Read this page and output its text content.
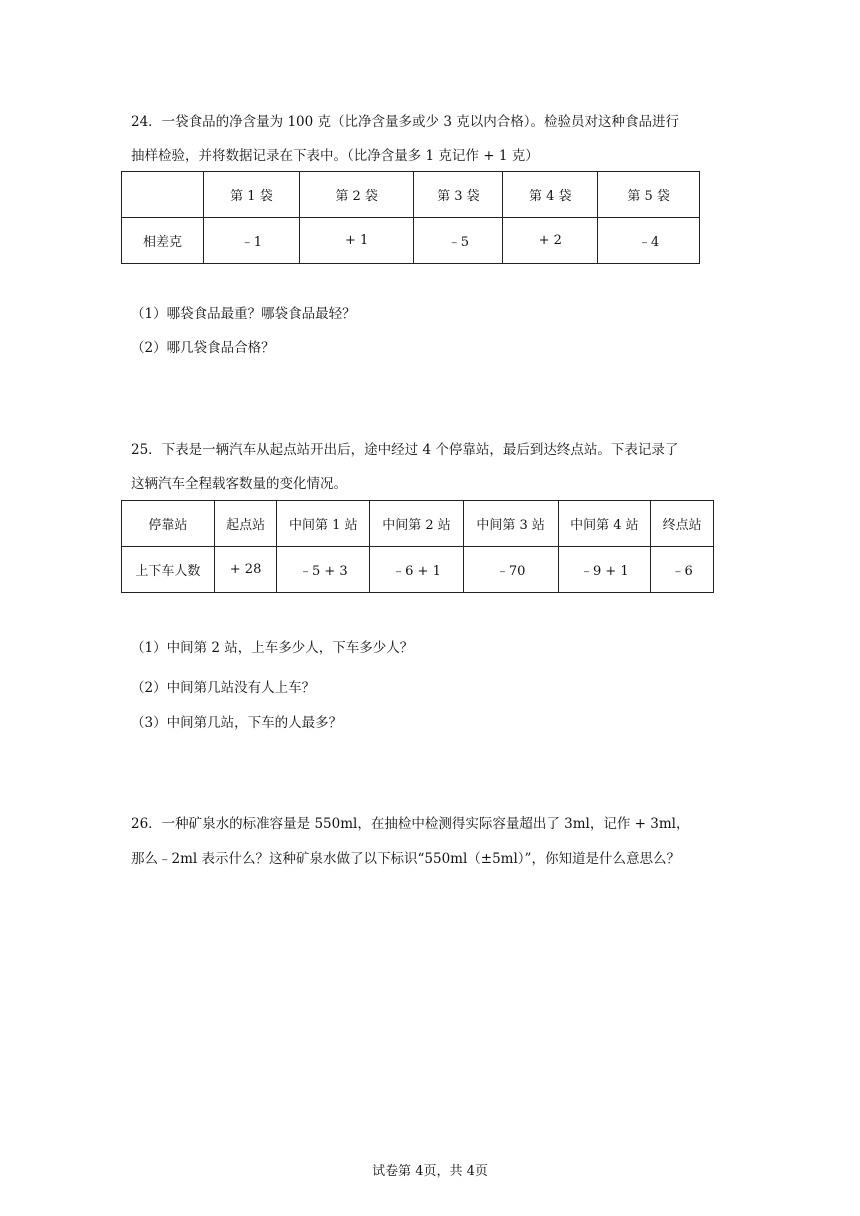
24．一袋食品的净含量为 100 克（比净含量多或少 3 克以内合格）。检验员对这种食品进行
抽样检验，并将数据记录在下表中。（比净含量多 1 克记作 + 1 克）
	第 1 袋	第 2 袋	第 3 袋	第 4 袋	第 5 袋
相差克	﹣1	+ 1	﹣5	+ 2	﹣4
（1）哪袋食品最重？哪袋食品最轻？
（2）哪几袋食品合格？
25．下表是一辆汽车从起点站开出后，途中经过 4 个停靠站，最后到达终点站。下表记录了
这辆汽车全程载客数量的变化情况。
停靠站	起点站	中间第 1 站	中间第 2 站	中间第 3 站	中间第 4 站	终点站
上下车人数	+ 28	﹣5 + 3	﹣6 + 1	﹣70	﹣9 + 1	﹣6
（1）中间第 2 站，上车多少人，下车多少人？
（2）中间第几站没有人上车？
（3）中间第几站，下车的人最多？
26．一种矿泉水的标准容量是 550ml，在抽检中检测得实际容量超出了 3ml，记作 + 3ml，
那么﹣2ml 表示什么？这种矿泉水做了以下标识“550ml（±5ml）”，你知道是什么意思么？
试卷第 4页，共 4页
